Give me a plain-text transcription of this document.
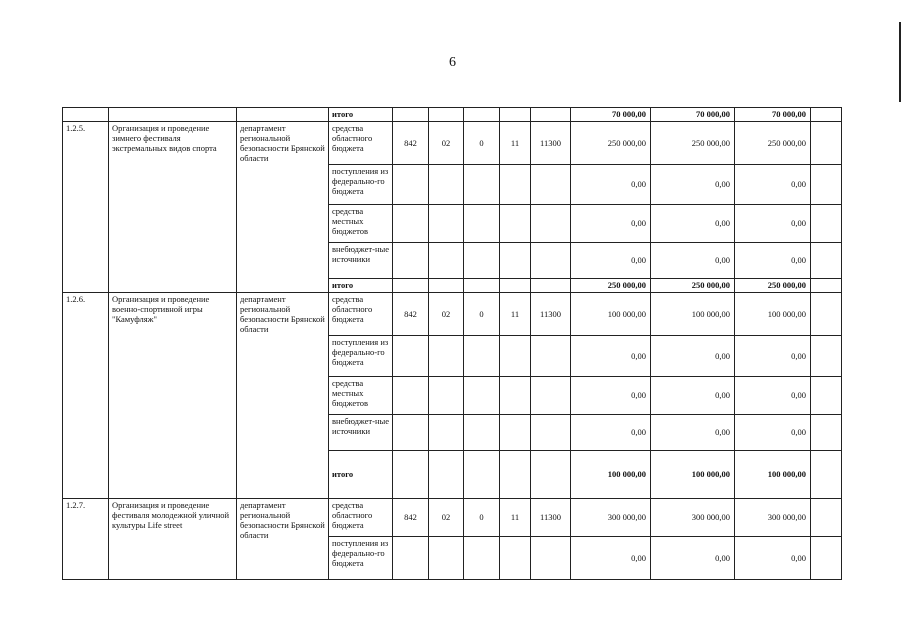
6
			итого						70 000,00	70 000,00	70 000,00	
1.2.5.	Организация и проведение зимнего фестиваля экстремальных видов спорта	департамент региональной безопасности Брянской области	средства областного бюджета	842	02	0	11	11300	250 000,00	250 000,00	250 000,00	
			поступления из федерально-го бюджета						0,00	0,00	0,00	
			средства местных бюджетов						0,00	0,00	0,00	
			внебюджет-ные источники						0,00	0,00	0,00	
			итого						250 000,00	250 000,00	250 000,00	
1.2.6.	Организация и проведение военно-спортивной игры "Камуфляж"	департамент региональной безопасности Брянской области	средства областного бюджета	842	02	0	11	11300	100 000,00	100 000,00	100 000,00	
			поступления из федерально-го бюджета						0,00	0,00	0,00	
			средства местных бюджетов						0,00	0,00	0,00	
			внебюджет-ные источники						0,00	0,00	0,00	
			итого						100 000,00	100 000,00	100 000,00	
1.2.7.	Организация и проведение фестиваля молодежной уличной культуры Life street	департамент региональной безопасности Брянской области	средства областного бюджета	842	02	0	11	11300	300 000,00	300 000,00	300 000,00	
			поступления из федерально-го бюджета						0,00	0,00	0,00	
